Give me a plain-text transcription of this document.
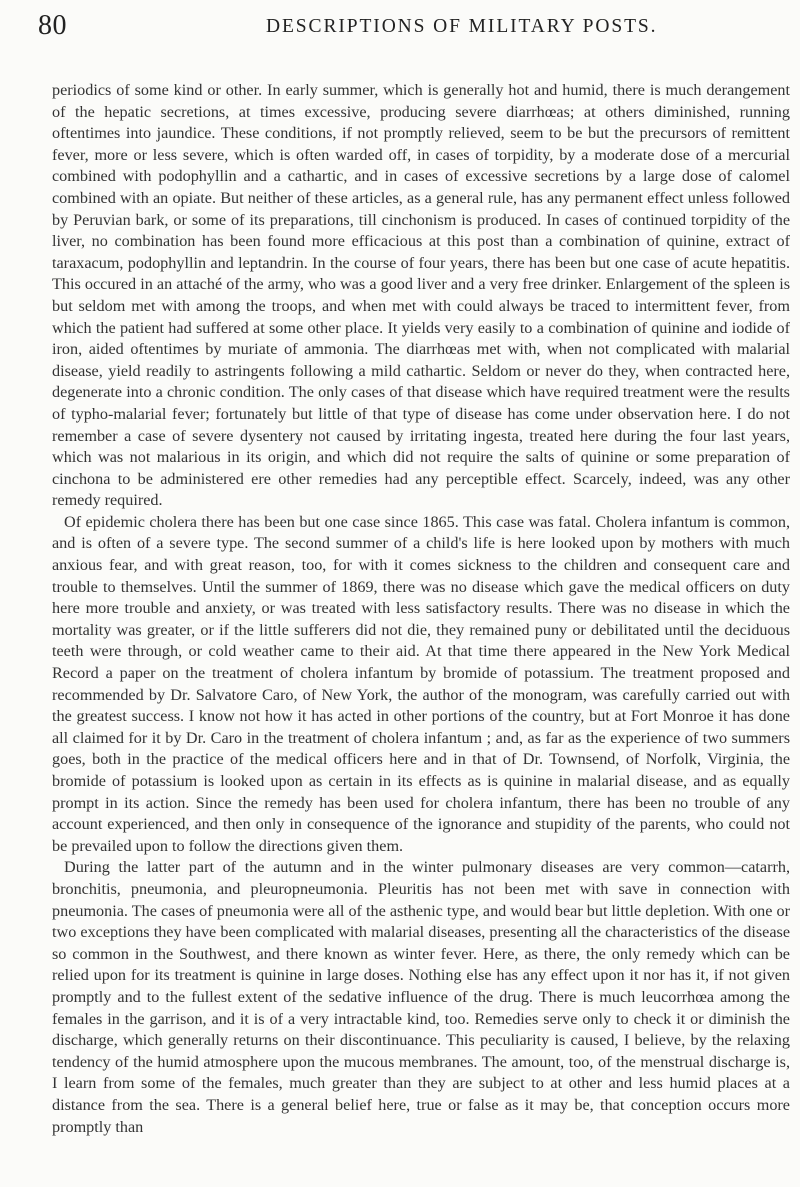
80	DESCRIPTIONS OF MILITARY POSTS.

periodics of some kind or other. In early summer, which is generally hot and humid, there is much derangement of the hepatic secretions, at times excessive, producing severe diarrhœas; at others diminished, running oftentimes into jaundice. These conditions, if not promptly relieved, seem to be but the precursors of remittent fever, more or less severe, which is often warded off, in cases of torpidity, by a moderate dose of a mercurial combined with podophyllin and a cathartic, and in cases of excessive secretions by a large dose of calomel combined with an opiate. But neither of these articles, as a general rule, has any permanent effect unless followed by Peruvian bark, or some of its preparations, till cinchonism is produced. In cases of continued torpidity of the liver, no combination has been found more efficacious at this post than a combination of quinine, extract of taraxacum, podophyllin and leptandrin. In the course of four years, there has been but one case of acute hepatitis. This occured in an attaché of the army, who was a good liver and a very free drinker. Enlargement of the spleen is but seldom met with among the troops, and when met with could always be traced to intermittent fever, from which the patient had suffered at some other place. It yields very easily to a combination of quinine and iodide of iron, aided oftentimes by muriate of ammonia. The diarrhœas met with, when not complicated with malarial disease, yield readily to astringents following a mild cathartic. Seldom or never do they, when contracted here, degenerate into a chronic condition. The only cases of that disease which have required treatment were the results of typho-malarial fever; fortunately but little of that type of disease has come under observation here. I do not remember a case of severe dysentery not caused by irritating ingesta, treated here during the four last years, which was not malarious in its origin, and which did not require the salts of quinine or some preparation of cinchona to be administered ere other remedies had any perceptible effect. Scarcely, indeed, was any other remedy required.

Of epidemic cholera there has been but one case since 1865. This case was fatal. Cholera infantum is common, and is often of a severe type. The second summer of a child's life is here looked upon by mothers with much anxious fear, and with great reason, too, for with it comes sickness to the children and consequent care and trouble to themselves. Until the summer of 1869, there was no disease which gave the medical officers on duty here more trouble and anxiety, or was treated with less satisfactory results. There was no disease in which the mortality was greater, or if the little sufferers did not die, they remained puny or debilitated until the deciduous teeth were through, or cold weather came to their aid. At that time there appeared in the New York Medical Record a paper on the treatment of cholera infantum by bromide of potassium. The treatment proposed and recommended by Dr. Salvatore Caro, of New York, the author of the monogram, was carefully carried out with the greatest success. I know not how it has acted in other portions of the country, but at Fort Monroe it has done all claimed for it by Dr. Caro in the treatment of cholera infantum ; and, as far as the experience of two summers goes, both in the practice of the medical officers here and in that of Dr. Townsend, of Norfolk, Virginia, the bromide of potassium is looked upon as certain in its effects as is quinine in malarial disease, and as equally prompt in its action. Since the remedy has been used for cholera infantum, there has been no trouble of any account experienced, and then only in consequence of the ignorance and stupidity of the parents, who could not be prevailed upon to follow the directions given them.

During the latter part of the autumn and in the winter pulmonary diseases are very common—catarrh, bronchitis, pneumonia, and pleuropneumonia. Pleuritis has not been met with save in connection with pneumonia. The cases of pneumonia were all of the asthenic type, and would bear but little depletion. With one or two exceptions they have been complicated with malarial diseases, presenting all the characteristics of the disease so common in the Southwest, and there known as winter fever. Here, as there, the only remedy which can be relied upon for its treatment is quinine in large doses. Nothing else has any effect upon it nor has it, if not given promptly and to the fullest extent of the sedative influence of the drug. There is much leucorrhœa among the females in the garrison, and it is of a very intractable kind, too. Remedies serve only to check it or diminish the discharge, which generally returns on their discontinuance. This peculiarity is caused, I believe, by the relaxing tendency of the humid atmosphere upon the mucous membranes. The amount, too, of the menstrual discharge is, I learn from some of the females, much greater than they are subject to at other and less humid places at a distance from the sea. There is a general belief here, true or false as it may be, that conception occurs more promptly than
